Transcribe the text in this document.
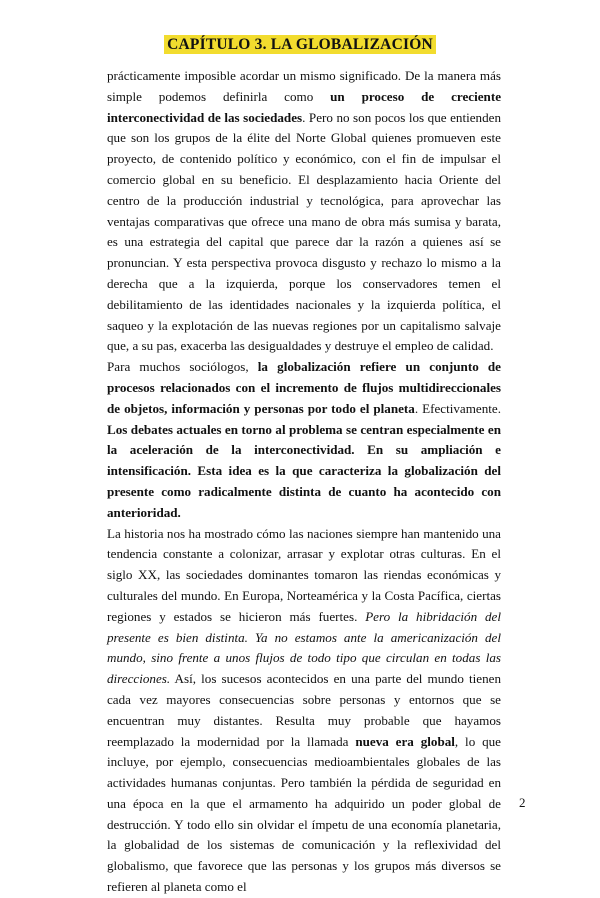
CAPÍTULO 3. LA GLOBALIZACIÓN

prácticamente imposible acordar un mismo significado. De la manera más simple podemos definirla como un proceso de creciente interconectividad de las sociedades. Pero no son pocos los que entienden que son los grupos de la élite del Norte Global quienes promueven este proyecto, de contenido político y económico, con el fin de impulsar el comercio global en su beneficio. El desplazamiento hacia Oriente del centro de la producción industrial y tecnológica, para aprovechar las ventajas comparativas que ofrece una mano de obra más sumisa y barata, es una estrategia del capital que parece dar la razón a quienes así se pronuncian. Y esta perspectiva provoca disgusto y rechazo lo mismo a la derecha que a la izquierda, porque los conservadores temen el debilitamiento de las identidades nacionales y la izquierda política, el saqueo y la explotación de las nuevas regiones por un capitalismo salvaje que, a su pas, exacerba las desigualdades y destruye el empleo de calidad.

Para muchos sociólogos, la globalización refiere un conjunto de procesos relacionados con el incremento de flujos multidireccionales de objetos, información y personas por todo el planeta. Efectivamente. Los debates actuales en torno al problema se centran especialmente en la aceleración de la interconectividad. En su ampliación e intensificación. Esta idea es la que caracteriza la globalización del presente como radicalmente distinta de cuanto ha acontecido con anterioridad.

La historia nos ha mostrado cómo las naciones siempre han mantenido una tendencia constante a colonizar, arrasar y explotar otras culturas. En el siglo XX, las sociedades dominantes tomaron las riendas económicas y culturales del mundo. En Europa, Norteamérica y la Costa Pacífica, ciertas regiones y estados se hicieron más fuertes. Pero la hibridación del presente es bien distinta. Ya no estamos ante la americanización del mundo, sino frente a unos flujos de todo tipo que circulan en todas las direcciones. Así, los sucesos acontecidos en una parte del mundo tienen cada vez mayores consecuencias sobre personas y entornos que se encuentran muy distantes. Resulta muy probable que hayamos reemplazado la modernidad por la llamada nueva era global, lo que incluye, por ejemplo, consecuencias medioambientales globales de las actividades humanas conjuntas. Pero también la pérdida de seguridad en una época en la que el armamento ha adquirido un poder global de destrucción. Y todo ello sin olvidar el ímpetu de una economía planetaria, la globalidad de los sistemas de comunicación y la reflexividad del globalismo, que favorece que las personas y los grupos más diversos se refieren al planeta como el

2
